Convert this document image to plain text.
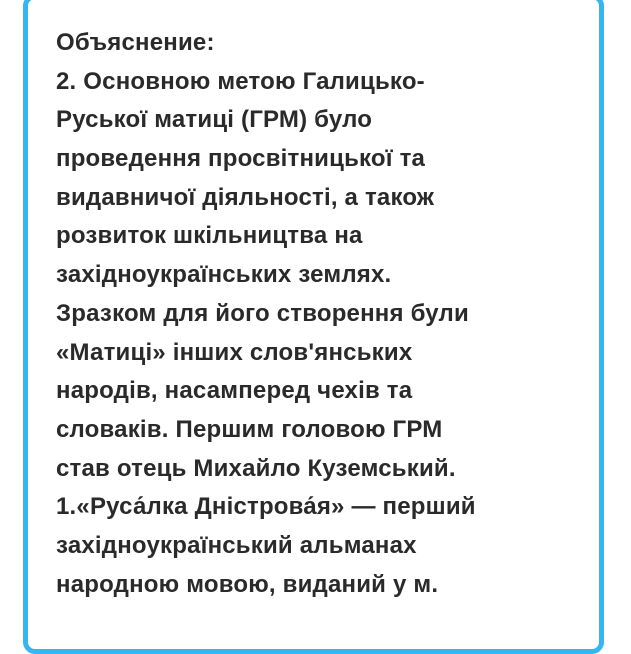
Объяснение:
2. Основною метою Галицько-
Руської матиці (ГРМ) було
проведення просвітницької та
видавничої діяльності, а також
розвиток шкільництва на
західноукраїнських землях.
Зразком для його створення були
«Матиці» інших слов'янських
народів, насамперед чехів та
словаків. Першим головою ГРМ
став отець Михайло Куземський.
1.«Руса́лка Дністрова́я» — перший
західноукраїнський альманах
народною мовою, виданий у м.
